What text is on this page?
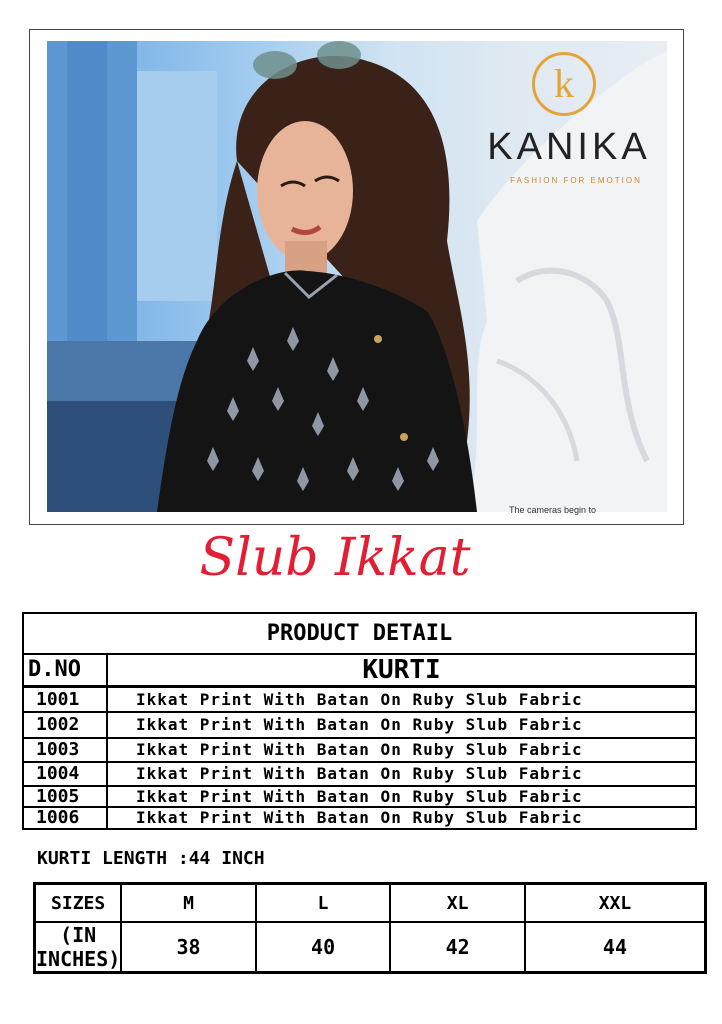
The cameras begin to
k
KANIKA
FASHION FOR EMOTION
Slub Ikkat
PRODUCT DETAIL
D.NO	KURTI
1001	Ikkat Print With Batan On Ruby Slub Fabric
1002	Ikkat Print With Batan On Ruby Slub Fabric
1003	Ikkat Print With Batan On Ruby Slub Fabric
1004	Ikkat Print With Batan On Ruby Slub Fabric
1005	Ikkat Print With Batan On Ruby Slub Fabric
1006	Ikkat Print With Batan On Ruby Slub Fabric
KURTI LENGTH :44 INCH
SIZES	M	L	XL	XXL
(IN INCHES)	38	40	42	44
